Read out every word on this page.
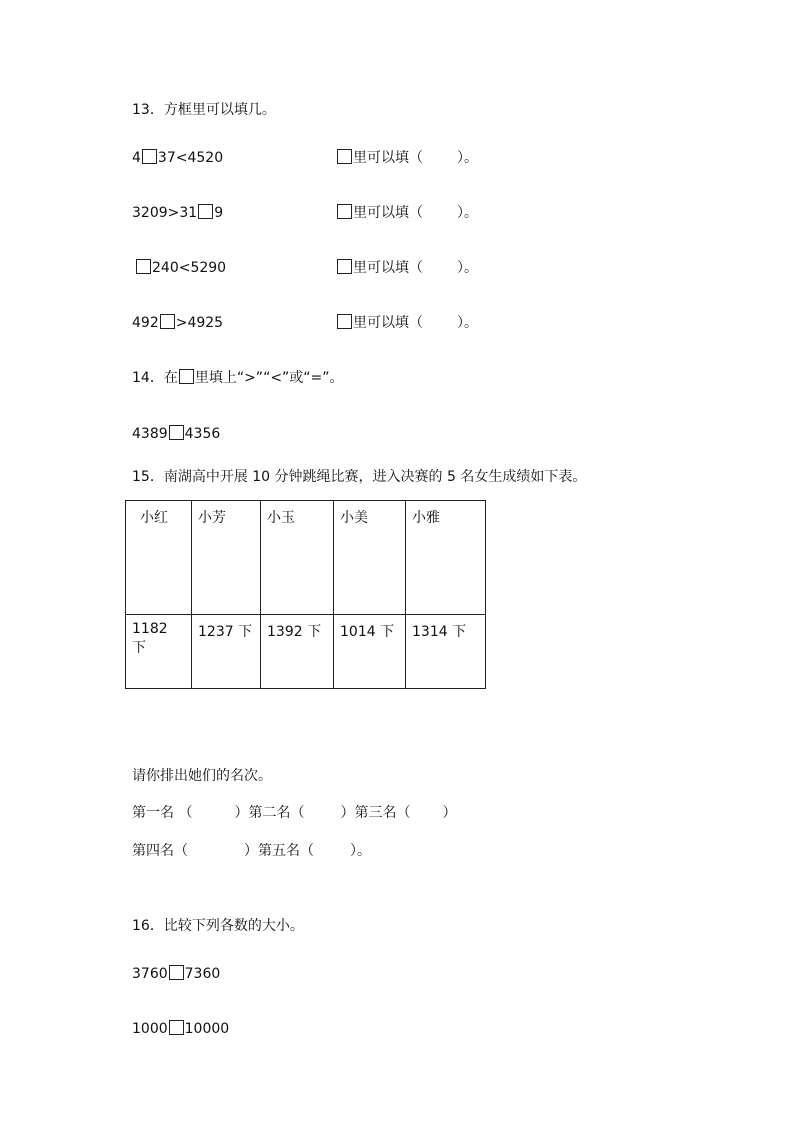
13．方框里可以填几。
4 37<4520	里可以填（ ）。
3209>31 9	里可以填（ ）。
240<5290	里可以填（ ）。
492 >4925	里可以填（ ）。
14．在 里填上“>”“<”或“=”。
4389 4356
15．南湖高中开展 10 分钟跳绳比赛，进入决赛的 5 名女生成绩如下表。
小红	小芳	小玉	小美	小雅
1182 下	1237 下	1392 下	1014 下	1314 下
请你排出她们的名次。
第一名 （	）第二名（	）第三名（ ）
第四名（	）第五名（	）。
16．比较下列各数的大小。
3760 7360
1000 10000
